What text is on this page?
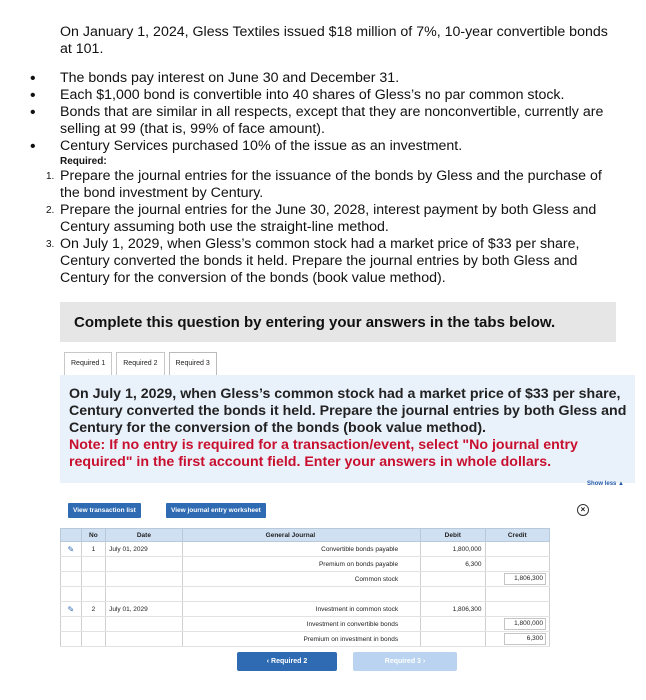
On January 1, 2024, Gless Textiles issued $18 million of 7%, 10-year convertible bonds at 101.

• The bonds pay interest on June 30 and December 31.
• Each $1,000 bond is convertible into 40 shares of Gless’s no par common stock.
• Bonds that are similar in all respects, except that they are nonconvertible, currently are selling at 99 (that is, 99% of face amount).
• Century Services purchased 10% of the issue as an investment.
Required:
1. Prepare the journal entries for the issuance of the bonds by Gless and the purchase of the bond investment by Century.
2. Prepare the journal entries for the June 30, 2028, interest payment by both Gless and Century assuming both use the straight-line method.
3. On July 1, 2029, when Gless’s common stock had a market price of $33 per share, Century converted the bonds it held. Prepare the journal entries by both Gless and Century for the conversion of the bonds (book value method).
Complete this question by entering your answers in the tabs below.
Required 1	Required 2	Required 3
On July 1, 2029, when Gless’s common stock had a market price of $33 per share, Century converted the bonds it held. Prepare the journal entries by both Gless and Century for the conversion of the bonds (book value method).
Note: If no entry is required for a transaction/event, select "No journal entry required" in the first account field. Enter your answers in whole dollars.
Show less ▲
View transaction list	View journal entry worksheet	×
	No	Date	General Journal	Debit	Credit
✎	1	July 01, 2029	Convertible bonds payable	1,800,000	
			Premium on bonds payable	6,300	
			Common stock		1,806,300

✎	2	July 01, 2029	Investment in common stock	1,806,300	
			Investment in convertible bonds		1,800,000
			Premium on investment in bonds		6,300
‹ Required 2	Required 3 ›
